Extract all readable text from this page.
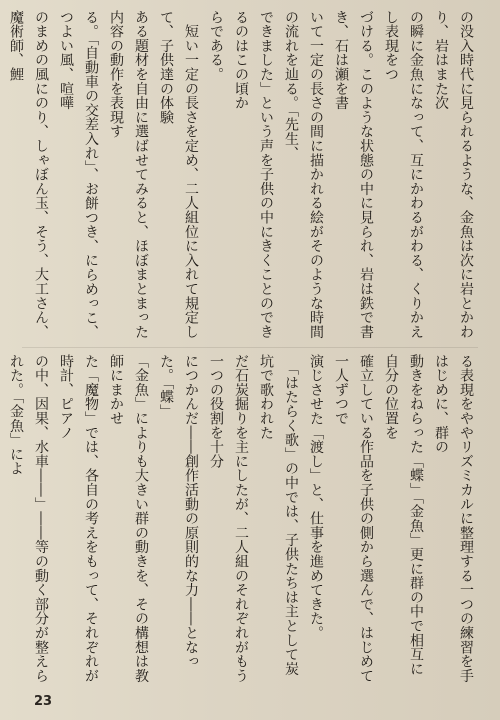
の没入時代に見られるような、金魚は次に岩とかわり、岩はまた次

の瞬に金魚になって、互にかわるがわる、くりかえし表現をつ

づける。このような状態の中に見られ、岩は鉄で書き、石は瀬を書

いて一定の長さの間に描かれる絵がそのような時間の流れを辿る。「先生、

できました」という声を子供の中にきくことのできるのはこの頃か

らである。

　短い一定の長さを定め、二人組位に入れて規定して、子供達の体験

ある題材を自由に選ばせてみると、ほぼまとまった内容の動作を表現す

る。「自動車の交差入れ」、お餅つき、にらめっこ、つよい風、喧嘩

のまめの風にのり、しゃぼん玉、そう、大工さん、魔術師、鯉

る表現をややリズミカルに整理する一つの練習を手はじめに、群の

動きをねらった「蝶」「金魚」更に群の中で相互に自分の位置を

確立している作品を子供の側から選んで、はじめて一人ずつで

演じさせた「渡し」と、仕事を進めてきた。

　「はたらく歌」の中では、子供たちは主として炭坑で歌われた

だ石炭掘りを主にしたが、二人組のそれぞれがもう一つの役割を十分

につかんだ――創作活動の原則的な力――となった。「蝶」

「金魚」によりも大きい群の動きを、その構想は教師にまかせ

た「魔物」では、各自の考えをもって、それぞれが時計、ピアノ

の中、因果、水車――」――等の動く部分が整えられた。「金魚」によ

23
